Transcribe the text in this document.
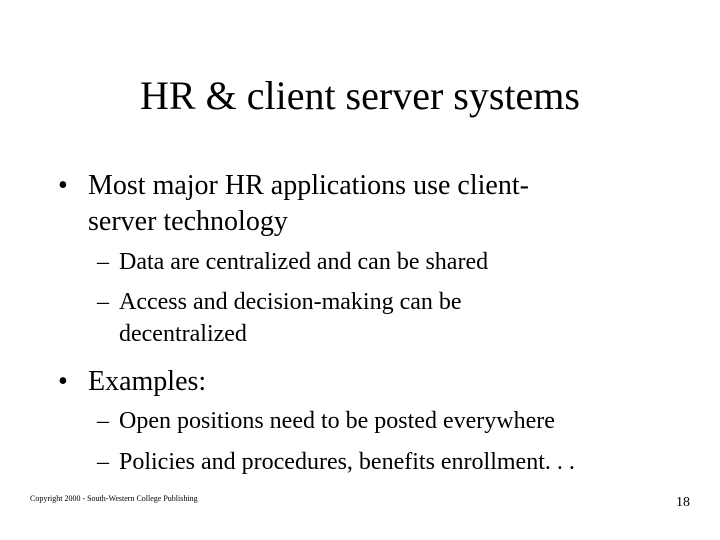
HR & client server systems
• Most major HR applications use client-
server technology
– Data are centralized and can be shared
– Access and decision-making can be
decentralized
• Examples:
– Open positions need to be posted everywhere
– Policies and procedures, benefits enrollment. . .
Copyright 2000 - South-Western College Publishing	18
